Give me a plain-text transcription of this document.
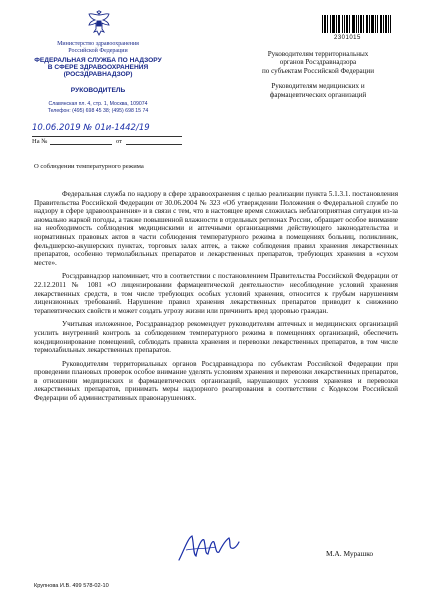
Министерство здравоохранения
Российской Федерации
ФЕДЕРАЛЬНАЯ СЛУЖБА ПО НАДЗОРУ
В СФЕРЕ ЗДРАВООХРАНЕНИЯ
(РОСЗДРАВНАДЗОР)
РУКОВОДИТЕЛЬ
Славянская пл. 4, стр. 1, Москва, 109074
Телефон: (495) 698 45 38; (495) 698 15 74
10.06.2019 № 01и-1442/19
На №	от
2301015
Руководителям территориальных
органов Росздравнадзора
по субъектам Российской Федерации
Руководителям медицинских и
фармацевтических организаций
О соблюдении температурного режима

Федеральная служба по надзору в сфере здравоохранения с целью реализации пункта 5.1.3.1. постановления Правительства Российской Федерации от 30.06.2004 № 323 «Об утверждении Положения о Федеральной службе по надзору в сфере здравоохранения» и в связи с тем, что в настоящее время сложилась неблагоприятная ситуация из-за аномально жаркой погоды, а также повышенной влажности в отдельных регионах России, обращает особое внимание на необходимость соблюдения медицинскими и аптечными организациями действующего законодательства и нормативных правовых актов в части соблюдения температурного режима в помещениях больниц, поликлиник, фельдшерско-акушерских пунктах, торговых залах аптек, а также соблюдения правил хранения лекарственных препаратов, особенно термолабильных препаратов и лекарственных препаратов, требующих хранения в «сухом месте».

Росздравнадзор напоминает, что в соответствии с постановлением Правительства Российской Федерации от 22.12.2011 № 1081 «О лицензировании фармацевтической деятельности» несоблюдение условий хранения лекарственных средств, в том числе требующих особых условий хранения, относится к грубым нарушениям лицензионных требований. Нарушение правил хранения лекарственных препаратов приводит к снижению терапевтических свойств и может создать угрозу жизни или причинить вред здоровью граждан.

Учитывая изложенное, Росздравнадзор рекомендует руководителям аптечных и медицинских организаций усилить внутренний контроль за соблюдением температурного режима в помещениях организаций, обеспечить кондиционирование помещений, соблюдать правила хранения и перевозки лекарственных препаратов, в том числе термолабильных лекарственных препаратов.

Руководителям территориальных органов Росздравнадзора по субъектам Российской Федерации при проведении плановых проверок особое внимание уделять условиям хранения и перевозки лекарственных препаратов, в отношении медицинских и фармацевтических организаций, нарушающих условия хранения и перевозки лекарственных препаратов, принимать меры надзорного реагирования в соответствии с Кодексом Российской Федерации об административных правонарушениях.

М.А. Мурашко
Крупнова И.В. 499 578-02-10
